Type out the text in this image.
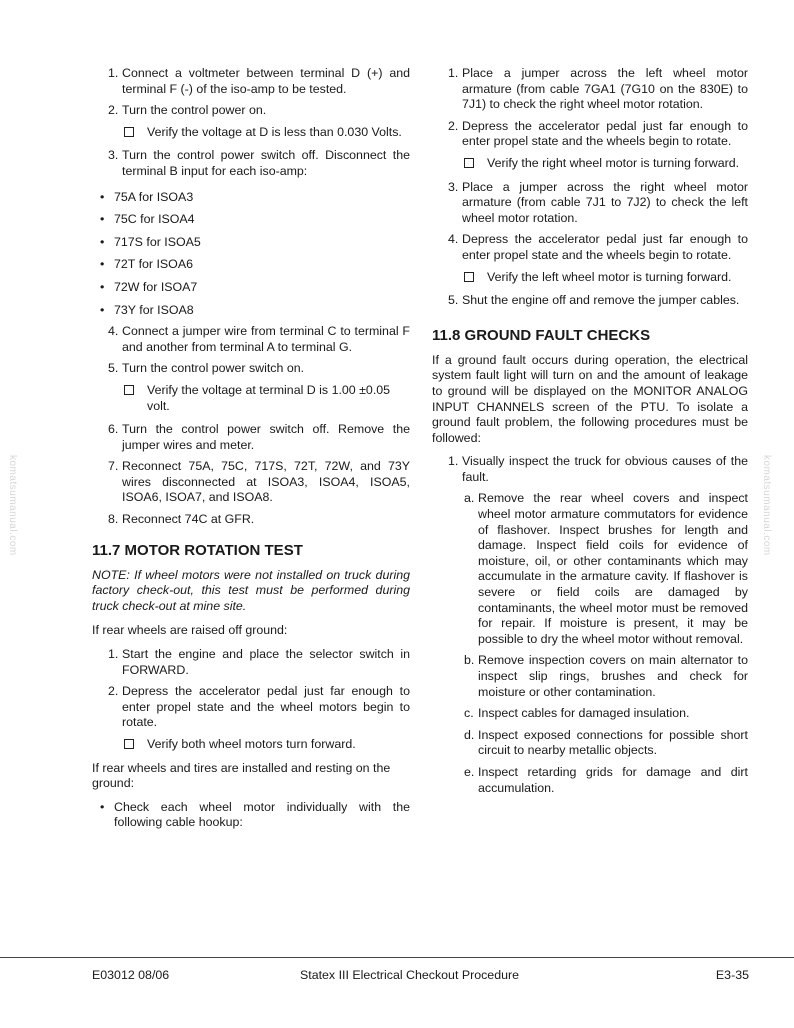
komatsumanual.com	komatsumanual.com
1. Connect a voltmeter between terminal D (+) and terminal F (-) of the iso-amp to be tested.
2. Turn the control power on.
Verify the voltage at D is less than 0.030 Volts.
3. Turn the control power switch off. Disconnect the terminal B input for each iso-amp:
• 75A for ISOA3
• 75C for ISOA4
• 717S for ISOA5
• 72T for ISOA6
• 72W for ISOA7
• 73Y for ISOA8
4. Connect a jumper wire from terminal C to terminal F and another from terminal A to terminal G.
5. Turn the control power switch on.
Verify the voltage at terminal D is 1.00 ±0.05 volt.
6. Turn the control power switch off. Remove the jumper wires and meter.
7. Reconnect 75A, 75C, 717S, 72T, 72W, and 73Y wires disconnected at ISOA3, ISOA4, ISOA5, ISOA6, ISOA7, and ISOA8.
8. Reconnect 74C at GFR.
11.7 MOTOR ROTATION TEST

NOTE: If wheel motors were not installed on truck during factory check-out, this test must be performed during truck check-out at mine site.

If rear wheels are raised off ground:

1. Start the engine and place the selector switch in FORWARD.
2. Depress the accelerator pedal just far enough to enter propel state and the wheel motors begin to rotate.
Verify both wheel motors turn forward.

If rear wheels and tires are installed and resting on the ground:

• Check each wheel motor individually with the following cable hookup:
1. Place a jumper across the left wheel motor armature (from cable 7GA1 (7G10 on the 830E) to 7J1) to check the right wheel motor rotation.
2. Depress the accelerator pedal just far enough to enter propel state and the wheels begin to rotate.
Verify the right wheel motor is turning forward.
3. Place a jumper across the right wheel motor armature (from cable 7J1 to 7J2) to check the left wheel motor rotation.
4. Depress the accelerator pedal just far enough to enter propel state and the wheels begin to rotate.
Verify the left wheel motor is turning forward.
5. Shut the engine off and remove the jumper cables.
11.8 GROUND FAULT CHECKS

If a ground fault occurs during operation, the electrical system fault light will turn on and the amount of leakage to ground will be displayed on the MONITOR ANALOG INPUT CHANNELS screen of the PTU. To isolate a ground fault problem, the following procedures must be followed:

1. Visually inspect the truck for obvious causes of the fault.
a. Remove the rear wheel covers and inspect wheel motor armature commutators for evidence of flashover. Inspect brushes for length and damage. Inspect field coils for evidence of moisture, oil, or other contaminants which may accumulate in the armature cavity. If flashover is severe or field coils are damaged by contaminants, the wheel motor must be removed for repair. If moisture is present, it may be possible to dry the wheel motor without removal.
b. Remove inspection covers on main alternator to inspect slip rings, brushes and check for moisture or other contamination.
c. Inspect cables for damaged insulation.
d. Inspect exposed connections for possible short circuit to nearby metallic objects.
e. Inspect retarding grids for damage and dirt accumulation.
E03012 08/06	Statex III Electrical Checkout Procedure	E3-35
